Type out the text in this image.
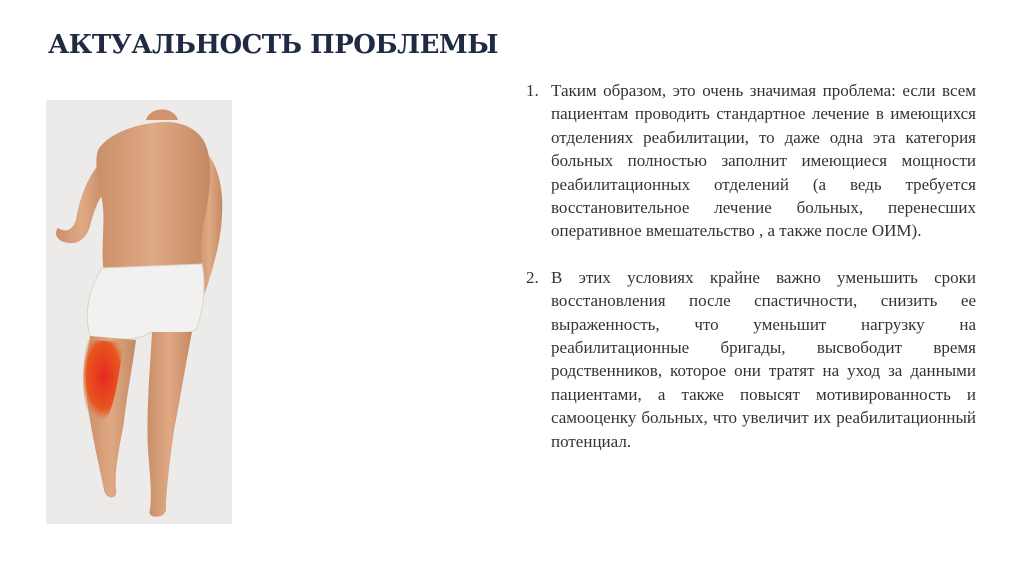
АКТУАЛЬНОСТЬ ПРОБЛЕМЫ
1. Таким образом, это очень значимая проблема: если всем пациентам проводить стандартное лечение в имеющихся отделениях реабилитации, то даже одна эта категория больных полностью заполнит имеющиеся мощности реабилитационных отделений (а ведь требуется восстановительное лечение больных, перенесших оперативное вмешательство , а также после ОИМ).
2. В этих условиях крайне важно уменьшить сроки восстановления после спастичности, снизить ее выраженность, что уменьшит нагрузку на реабилитационные бригады, высвободит время родственников, которое они тратят на уход за данными пациентами, а также повысят мотивированность и самооценку больных, что увеличит их реабилитационный потенциал.
